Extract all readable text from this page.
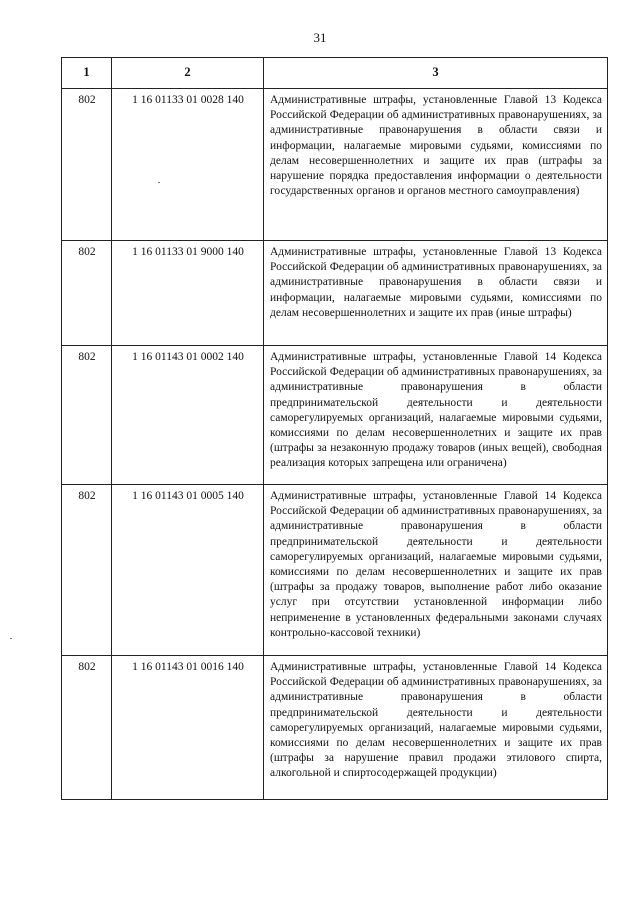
31
1	2	3
802	1 16 01133 01 0028 140	Административные штрафы, установленные Главой 13 Кодекса Российской Федерации об административных правонарушениях, за административные правонарушения в области связи и информации, налагаемые мировыми судьями, комиссиями по делам несовершеннолетних и защите их прав (штрафы за нарушение порядка предоставления информации о деятельности государственных органов и органов местного самоуправления)
802	1 16 01133 01 9000 140	Административные штрафы, установленные Главой 13 Кодекса Российской Федерации об административных правонарушениях, за административные правонарушения в области связи и информации, налагаемые мировыми судьями, комиссиями по делам несовершеннолетних и защите их прав (иные штрафы)
802	1 16 01143 01 0002 140	Административные штрафы, установленные Главой 14 Кодекса Российской Федерации об административных правонарушениях, за административные правонарушения в области предпринимательской деятельности и деятельности саморегулируемых организаций, налагаемые мировыми судьями, комиссиями по делам несовершеннолетних и защите их прав (штрафы за незаконную продажу товаров (иных вещей), свободная реализация которых запрещена или ограничена)
802	1 16 01143 01 0005 140	Административные штрафы, установленные Главой 14 Кодекса Российской Федерации об административных правонарушениях, за административные правонарушения в области предпринимательской деятельности и деятельности саморегулируемых организаций, налагаемые мировыми судьями, комиссиями по делам несовершеннолетних и защите их прав (штрафы за продажу товаров, выполнение работ либо оказание услуг при отсутствии установленной информации либо неприменение в установленных федеральными законами случаях контрольно-кассовой техники)
802	1 16 01143 01 0016 140	Административные штрафы, установленные Главой 14 Кодекса Российской Федерации об административных правонарушениях, за административные правонарушения в области предпринимательской деятельности и деятельности саморегулируемых организаций, налагаемые мировыми судьями, комиссиями по делам несовершеннолетних и защите их прав (штрафы за нарушение правил продажи этилового спирта, алкогольной и спиртосодержащей продукции)
